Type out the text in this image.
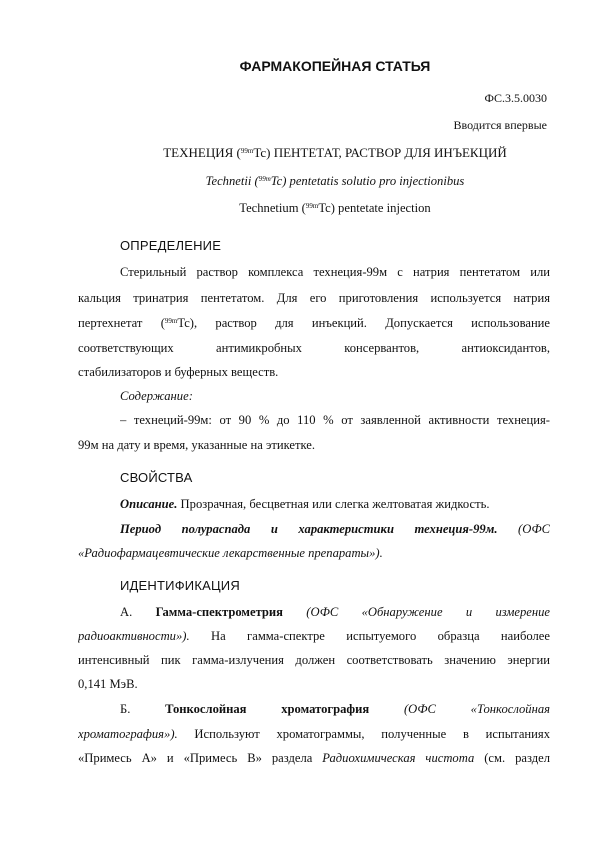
ФАРМАКОПЕЙНАЯ СТАТЬЯ
ФС.3.5.0030
Вводится впервые
ТЕХНЕЦИЯ ($^{99m}$Tc) ПЕНТЕТАТ, РАСТВОР ДЛЯ ИНЪЕКЦИЙ
Technetii ($^{99m}$Tc) pentetatis solutio pro injectionibus
Technetium ($^{99m}$Tc) pentetate injection
ОПРЕДЕЛЕНИЕ
Стерильный раствор комплекса технеция-99м с натрия пентетатом или
кальция тринатрия пентетатом. Для его приготовления используется натрия
пертехнетат ($^{99m}$Tc), раствор для инъекций. Допускается использование
соответствующих антимикробных консервантов, антиоксидантов,
стабилизаторов и буферных веществ.
Содержание:
– технеций-99м: от 90 % до 110 % от заявленной активности технеция-
99м на дату и время, указанные на этикетке.
СВОЙСТВА
Описание. Прозрачная, бесцветная или слегка желтоватая жидкость.
Период полураспада и характеристики технеция-99м. (ОФС
«Радиофармацевтические лекарственные препараты»).
ИДЕНТИФИКАЦИЯ
А. Гамма-спектрометрия (ОФС «Обнаружение и измерение
радиоактивности»). На гамма-спектре испытуемого образца наиболее
интенсивный пик гамма-излучения должен соответствовать значению энергии
0,141 МэВ.
Б. Тонкослойная хроматография (ОФС «Тонкослойная
хроматография»). Используют хроматограммы, полученные в испытаниях
«Примесь А» и «Примесь В» раздела Радиохимическая чистота (см. раздел
